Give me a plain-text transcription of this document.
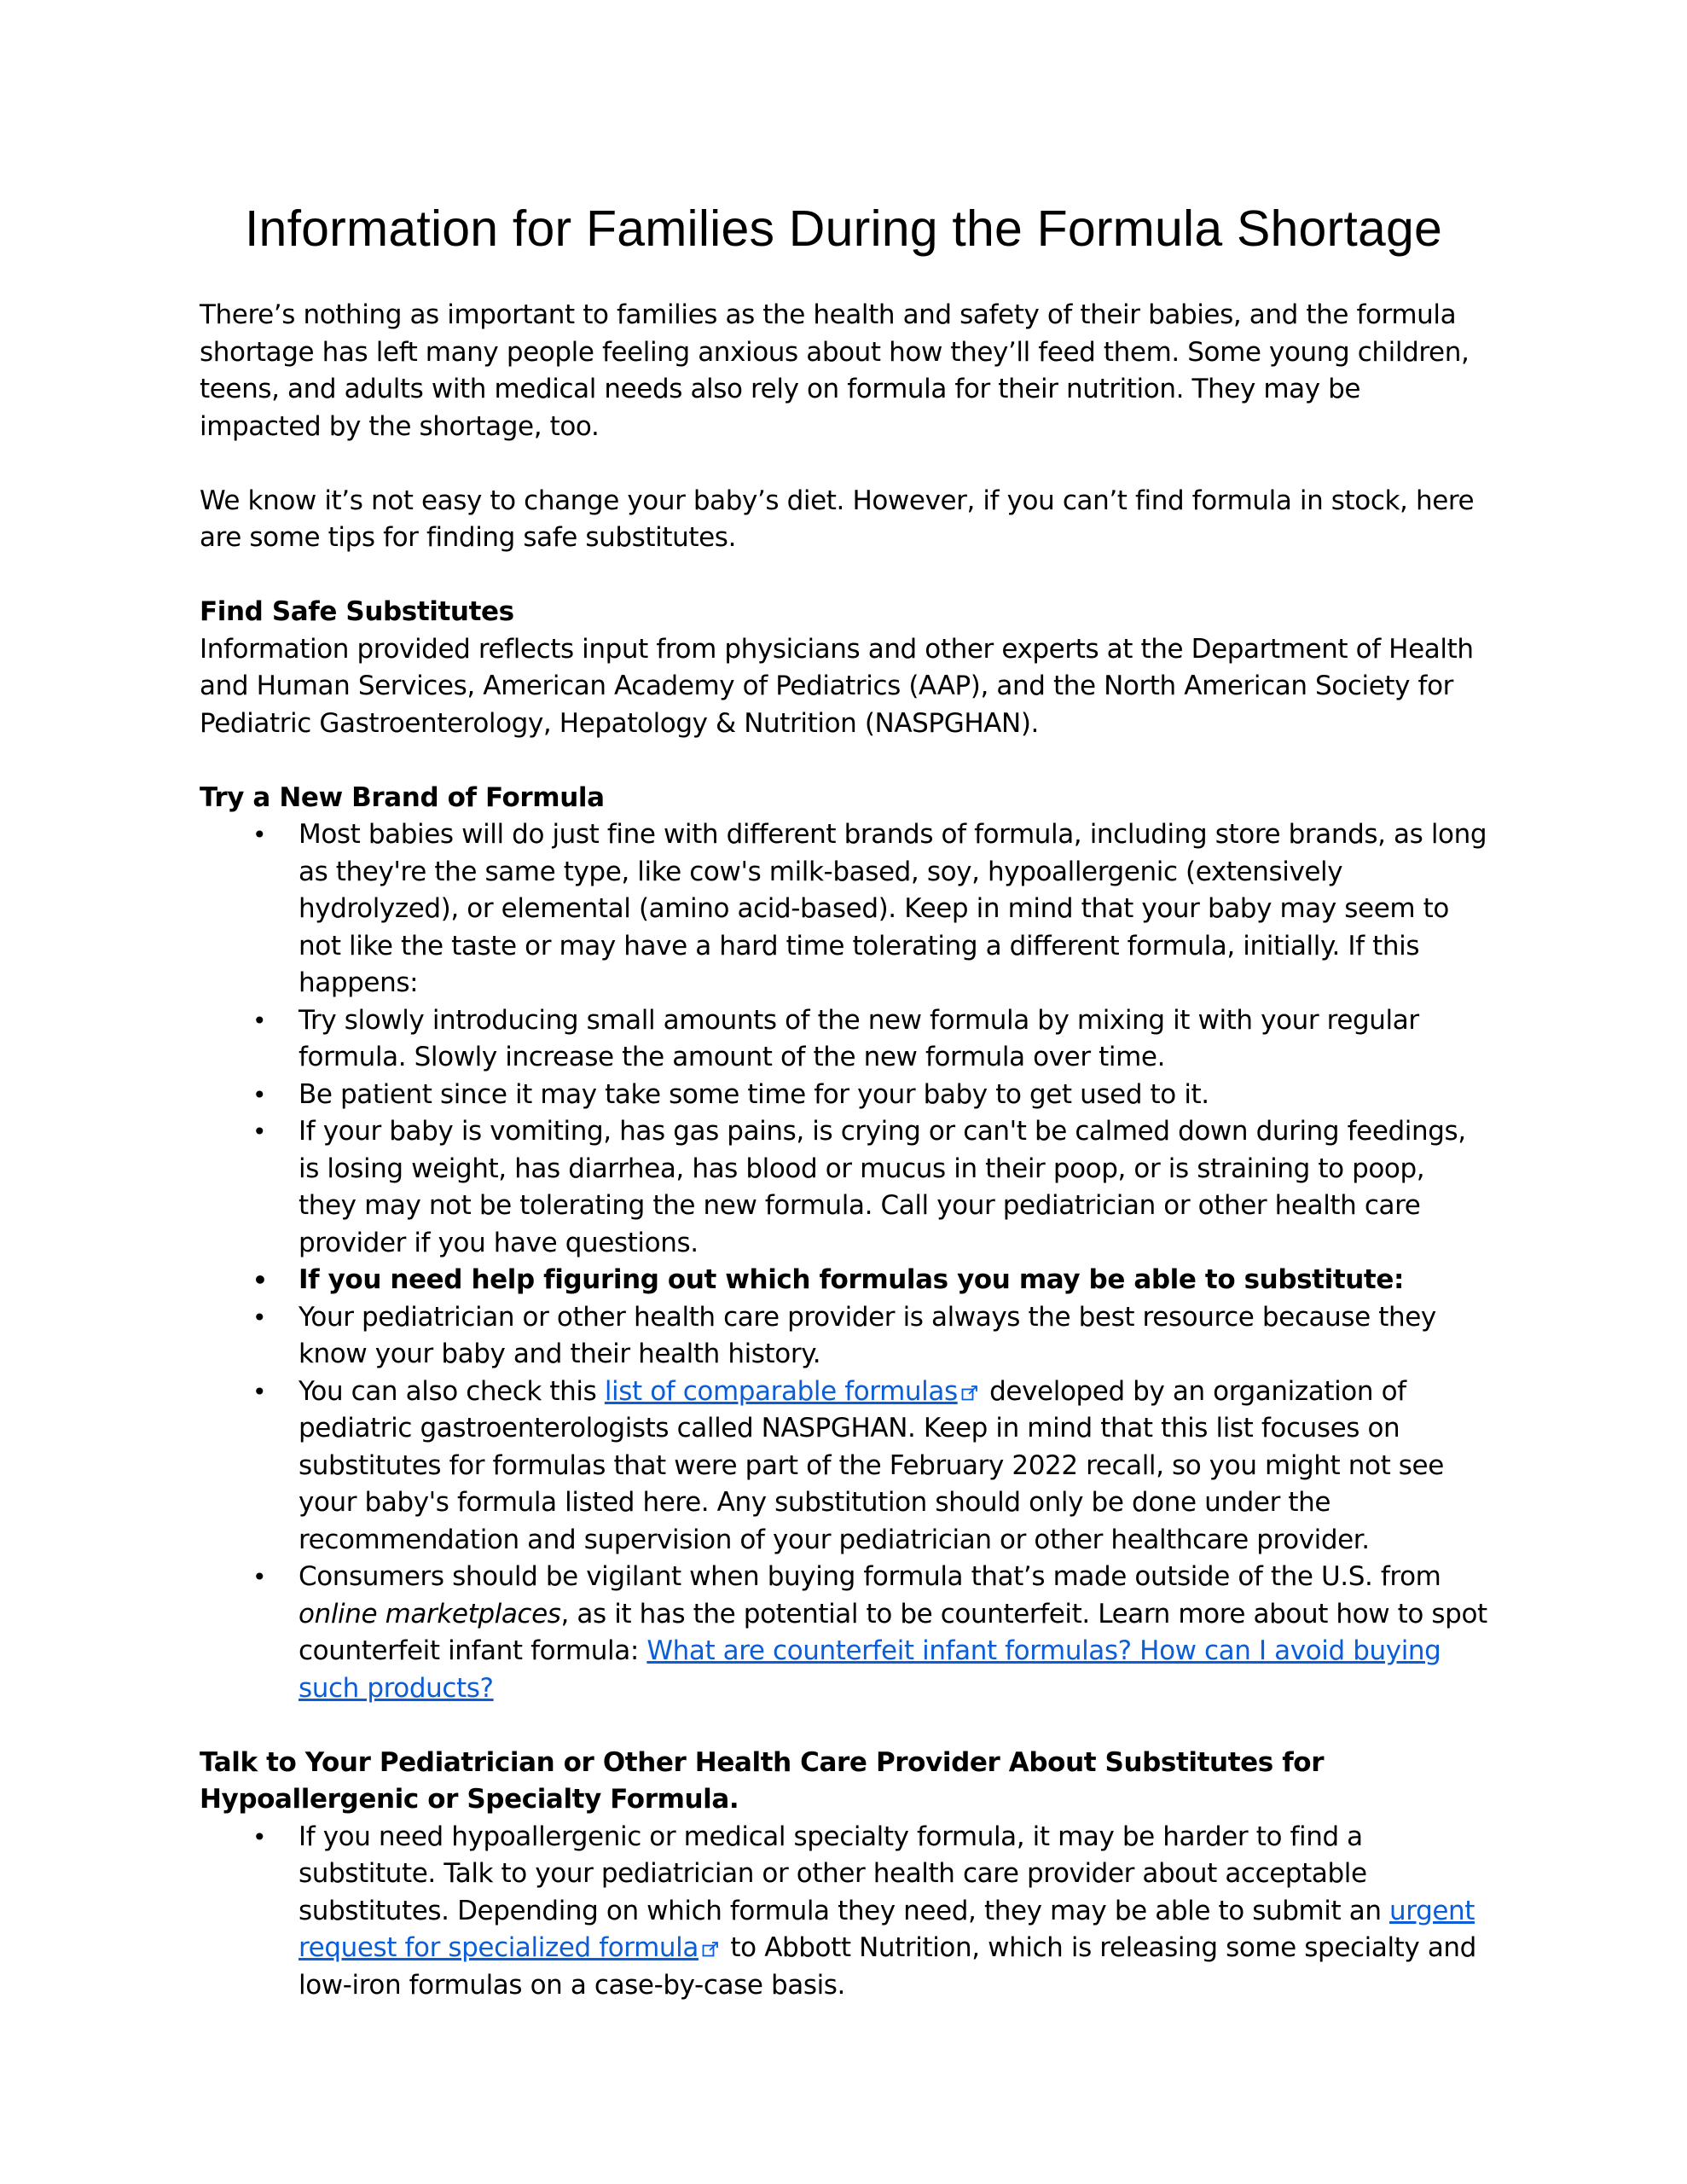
Information for Families During the Formula Shortage

There’s nothing as important to families as the health and safety of their babies, and the formula shortage has left many people feeling anxious about how they’ll feed them. Some young children, teens, and adults with medical needs also rely on formula for their nutrition. They may be impacted by the shortage, too.

We know it’s not easy to change your baby’s diet. However, if you can’t find formula in stock, here are some tips for finding safe substitutes.

Find Safe Substitutes

Information provided reflects input from physicians and other experts at the Department of Health and Human Services, American Academy of Pediatrics (AAP), and the North American Society for Pediatric Gastroenterology, Hepatology & Nutrition (NASPGHAN).

Try a New Brand of Formula
• Most babies will do just fine with different brands of formula, including store brands, as long as they're the same type, like cow's milk-based, soy, hypoallergenic (extensively hydrolyzed), or elemental (amino acid-based). Keep in mind that your baby may seem to not like the taste or may have a hard time tolerating a different formula, initially. If this happens:
• Try slowly introducing small amounts of the new formula by mixing it with your regular formula. Slowly increase the amount of the new formula over time.
• Be patient since it may take some time for your baby to get used to it.
• If your baby is vomiting, has gas pains, is crying or can't be calmed down during feedings, is losing weight, has diarrhea, has blood or mucus in their poop, or is straining to poop, they may not be tolerating the new formula. Call your pediatrician or other health care provider if you have questions.
• If you need help figuring out which formulas you may be able to substitute:
• Your pediatrician or other health care provider is always the best resource because they know your baby and their health history.
• You can also check this list of comparable formulas developed by an organization of pediatric gastroenterologists called NASPGHAN. Keep in mind that this list focuses on substitutes for formulas that were part of the February 2022 recall, so you might not see your baby's formula listed here. Any substitution should only be done under the recommendation and supervision of your pediatrician or other healthcare provider.
• Consumers should be vigilant when buying formula that’s made outside of the U.S. from online marketplaces, as it has the potential to be counterfeit. Learn more about how to spot counterfeit infant formula: What are counterfeit infant formulas? How can I avoid buying such products?
Talk to Your Pediatrician or Other Health Care Provider About Substitutes for Hypoallergenic or Specialty Formula.
• If you need hypoallergenic or medical specialty formula, it may be harder to find a substitute. Talk to your pediatrician or other health care provider about acceptable substitutes. Depending on which formula they need, they may be able to submit an urgent request for specialized formula to Abbott Nutrition, which is releasing some specialty and low-iron formulas on a case-by-case basis.
